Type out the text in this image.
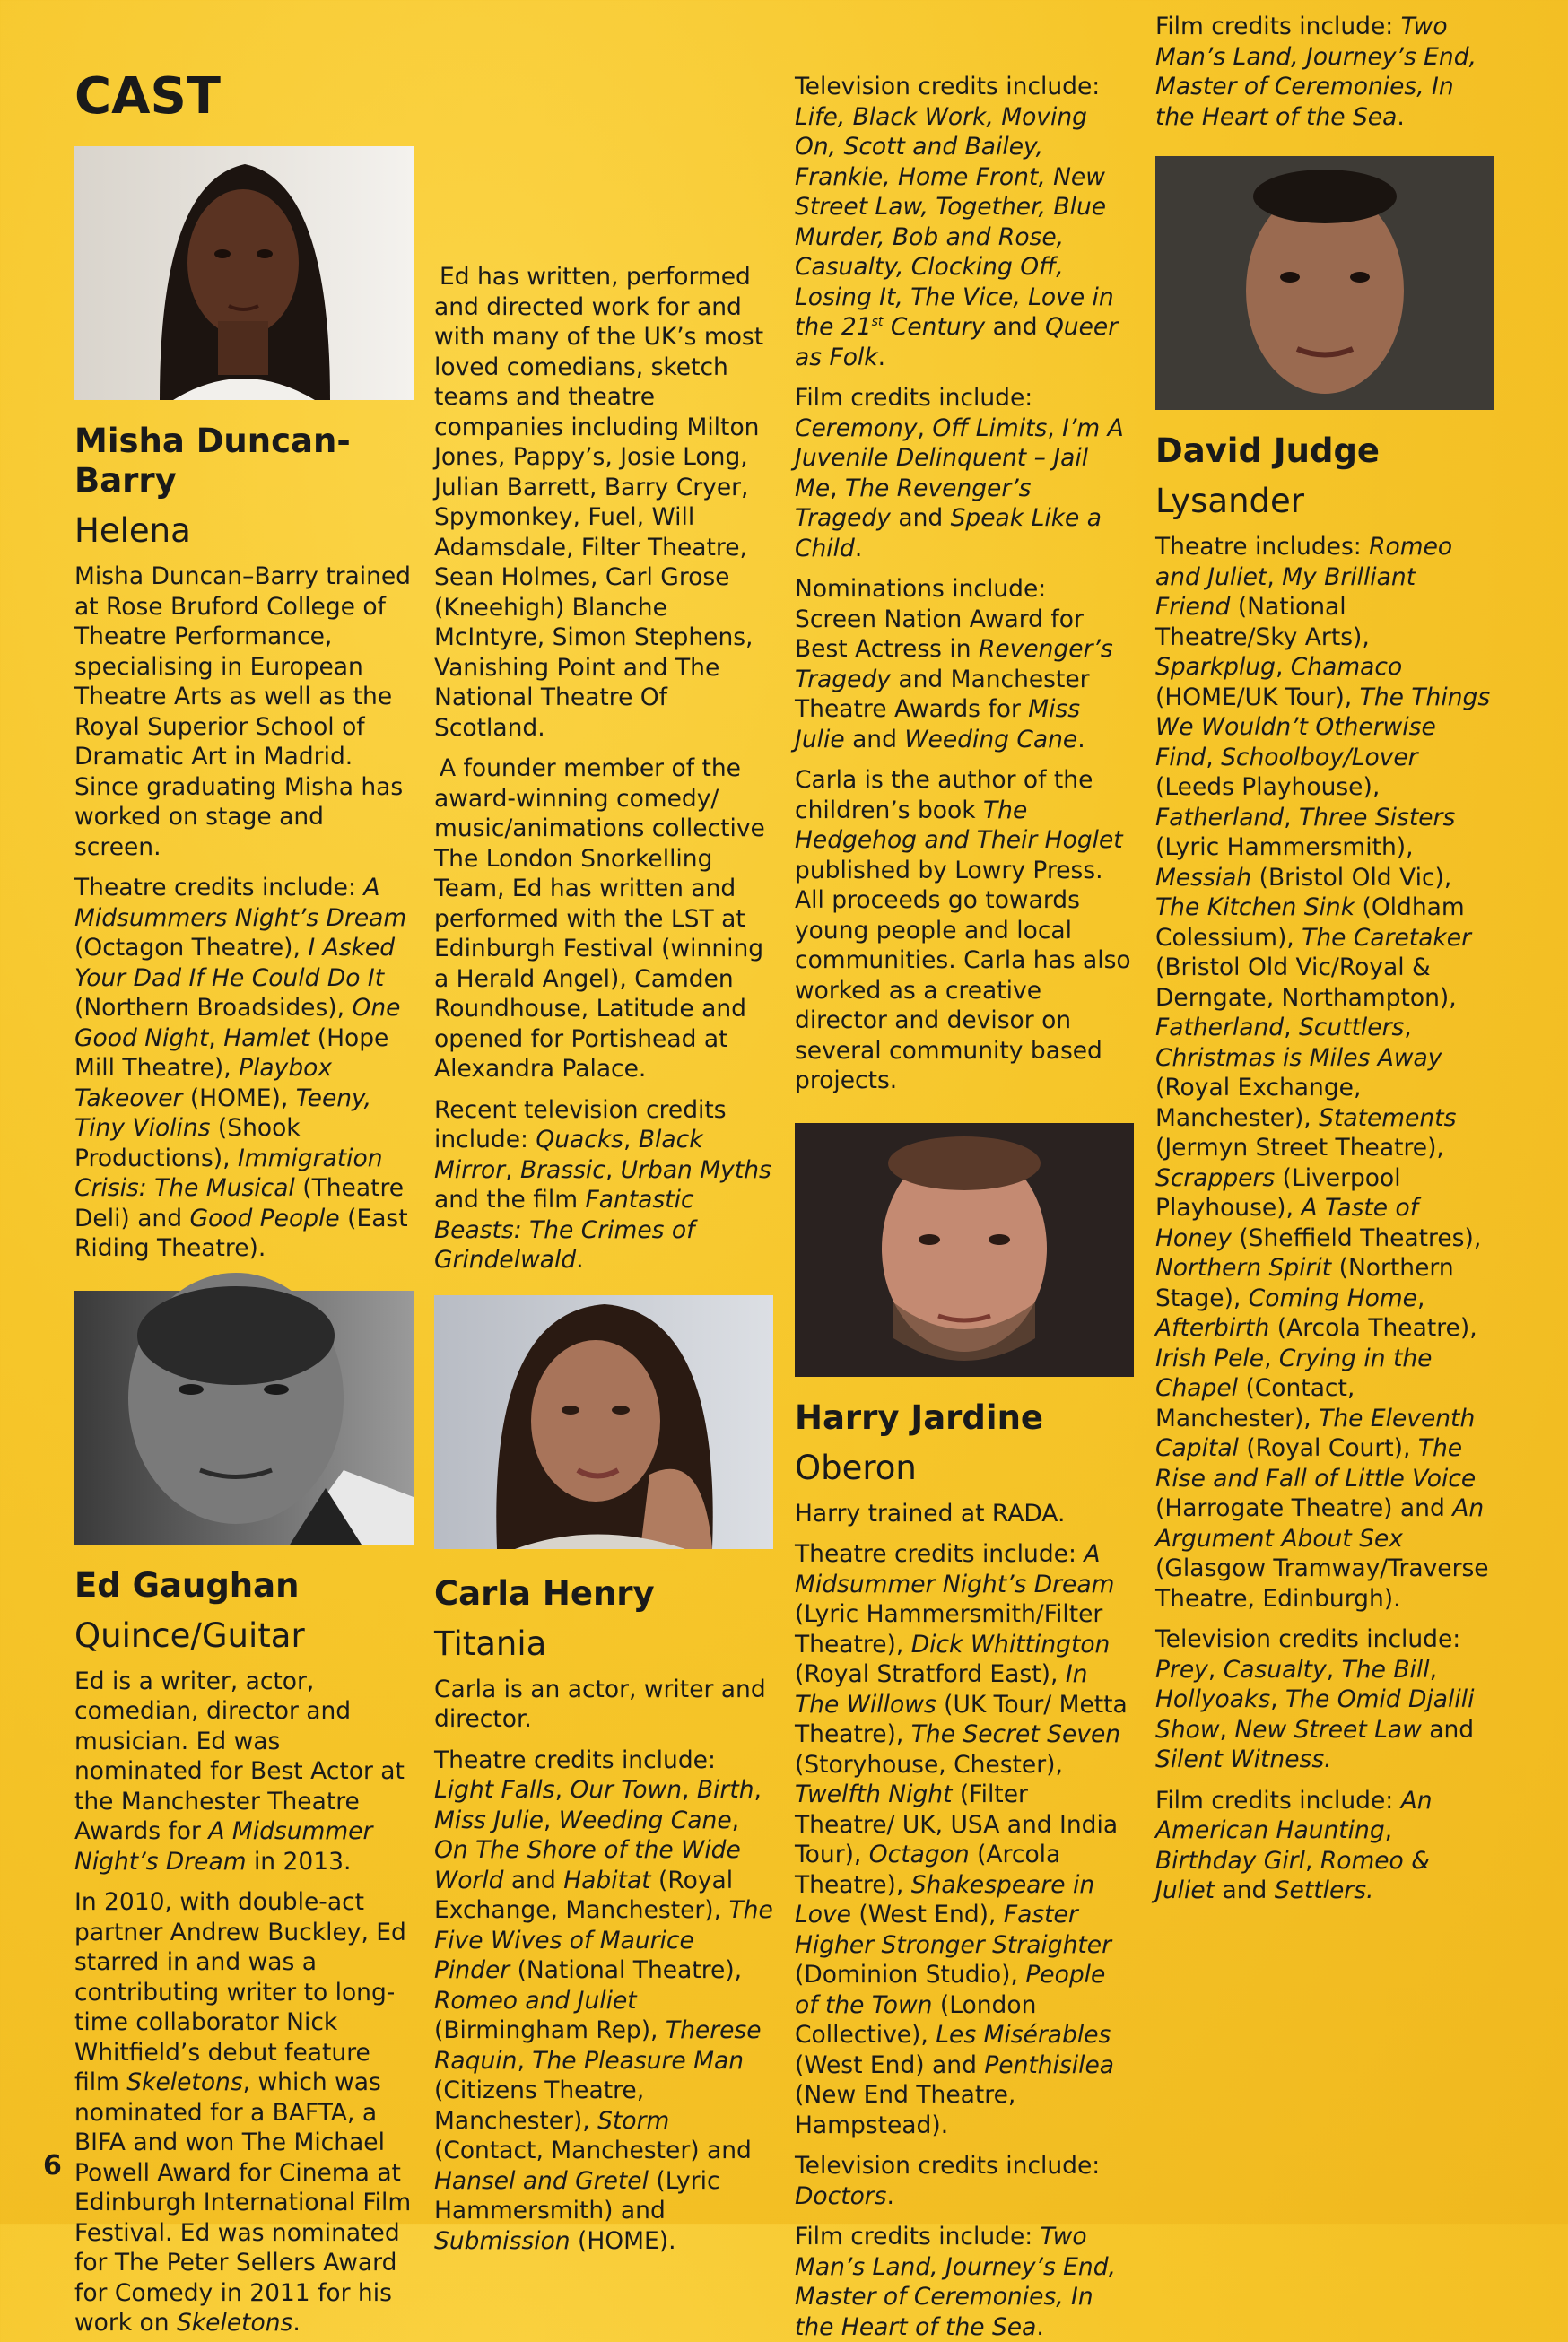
CAST

Misha Duncan-
Barry

Helena

Misha Duncan–Barry trained at Rose Bruford College of Theatre Performance, specialising in European Theatre Arts as well as the Royal Superior School of Dramatic Art in Madrid. Since graduating Misha has worked on stage and screen.

Theatre credits include: A Midsummers Night’s Dream (Octagon Theatre), I Asked Your Dad If He Could Do It (Northern Broadsides), One Good Night, Hamlet (Hope Mill Theatre), Playbox Takeover (HOME), Teeny, Tiny Violins (Shook Productions), Immigration Crisis: The Musical (Theatre Deli) and Good People (East Riding Theatre).

Ed Gaughan

Quince/Guitar

Ed is a writer, actor, comedian, director and musician. Ed was nominated for Best Actor at the Manchester Theatre Awards for A Midsummer Night’s Dream in 2013.

In 2010, with double-act partner Andrew Buckley, Ed starred in and was a contributing writer to long-time collaborator Nick Whitfield’s debut feature film Skeletons, which was nominated for a BAFTA, a BIFA and won The Michael Powell Award for Cinema at Edinburgh International Film Festival. Ed was nominated for The Peter Sellers Award for Comedy in 2011 for his work on Skeletons.

Ed has written, performed and directed work for and with many of the UK’s most loved comedians, sketch teams and theatre companies including Milton Jones, Pappy’s, Josie Long, Julian Barrett, Barry Cryer, Spymonkey, Fuel, Will Adamsdale, Filter Theatre, Sean Holmes, Carl Grose (Kneehigh) Blanche McIntyre, Simon Stephens, Vanishing Point and The National Theatre Of Scotland.

A founder member of the award-winning comedy/ music/animations collective The London Snorkelling Team, Ed has written and performed with the LST at Edinburgh Festival (winning a Herald Angel), Camden Roundhouse, Latitude and opened for Portishead at Alexandra Palace.

Recent television credits include: Quacks, Black Mirror, Brassic, Urban Myths and the film Fantastic Beasts: The Crimes of Grindelwald.

Carla Henry

Titania

Carla is an actor, writer and director.

Theatre credits include: Light Falls, Our Town, Birth, Miss Julie, Weeding Cane, On The Shore of the Wide World and Habitat (Royal Exchange, Manchester), The Five Wives of Maurice Pinder (National Theatre), Romeo and Juliet (Birmingham Rep), Therese Raquin, The Pleasure Man (Citizens Theatre, Manchester), Storm (Contact, Manchester) and Hansel and Gretel (Lyric Hammersmith) and Submission (HOME).

Television credits include: Life, Black Work, Moving On, Scott and Bailey, Frankie, Home Front, New Street Law, Together, Blue Murder, Bob and Rose, Casualty, Clocking Off, Losing It, The Vice, Love in the 21st Century and Queer as Folk.

Film credits include: Ceremony, Off Limits, I’m A Juvenile Delinquent – Jail Me, The Revenger’s Tragedy and Speak Like a Child.

Nominations include: Screen Nation Award for Best Actress in Revenger’s Tragedy and Manchester Theatre Awards for Miss Julie and Weeding Cane.

Carla is the author of the children’s book The Hedgehog and Their Hoglet published by Lowry Press. All proceeds go towards young people and local communities. Carla has also worked as a creative director and devisor on several community based projects.

Harry Jardine

Oberon

Harry trained at RADA.

Theatre credits include: A Midsummer Night’s Dream (Lyric Hammersmith/Filter Theatre), Dick Whittington (Royal Stratford East), In The Willows (UK Tour/ Metta Theatre), The Secret Seven (Storyhouse, Chester), Twelfth Night (Filter Theatre/ UK, USA and India Tour), Octagon (Arcola Theatre), Shakespeare in Love (West End), Faster Higher Stronger Straighter (Dominion Studio), People of the Town (London Collective), Les Misérables (West End) and Penthisilea (New End Theatre, Hampstead).

Television credits include: Doctors.

Film credits include: Two Man’s Land, Journey’s End, Master of Ceremonies, In the Heart of the Sea.

Film credits include: Two Man’s Land, Journey’s End, Master of Ceremonies, In the Heart of the Sea.

David Judge

Lysander

Theatre includes: Romeo and Juliet, My Brilliant Friend (National Theatre/Sky Arts), Sparkplug, Chamaco (HOME/UK Tour), The Things We Wouldn’t Otherwise Find, Schoolboy/Lover (Leeds Playhouse), Fatherland, Three Sisters (Lyric Hammersmith), Messiah (Bristol Old Vic), The Kitchen Sink (Oldham Colessium), The Caretaker (Bristol Old Vic/Royal & Derngate, Northampton), Fatherland, Scuttlers, Christmas is Miles Away (Royal Exchange, Manchester), Statements (Jermyn Street Theatre), Scrappers (Liverpool Playhouse), A Taste of Honey (Sheffield Theatres), Northern Spirit (Northern Stage), Coming Home, Afterbirth (Arcola Theatre), Irish Pele, Crying in the Chapel (Contact, Manchester), The Eleventh Capital (Royal Court), The Rise and Fall of Little Voice (Harrogate Theatre) and An Argument About Sex (Glasgow Tramway/Traverse Theatre, Edinburgh).

Television credits include: Prey, Casualty, The Bill, Hollyoaks, The Omid Djalili Show, New Street Law and Silent Witness.

Film credits include: An American Haunting, Birthday Girl, Romeo & Juliet and Settlers.

6
